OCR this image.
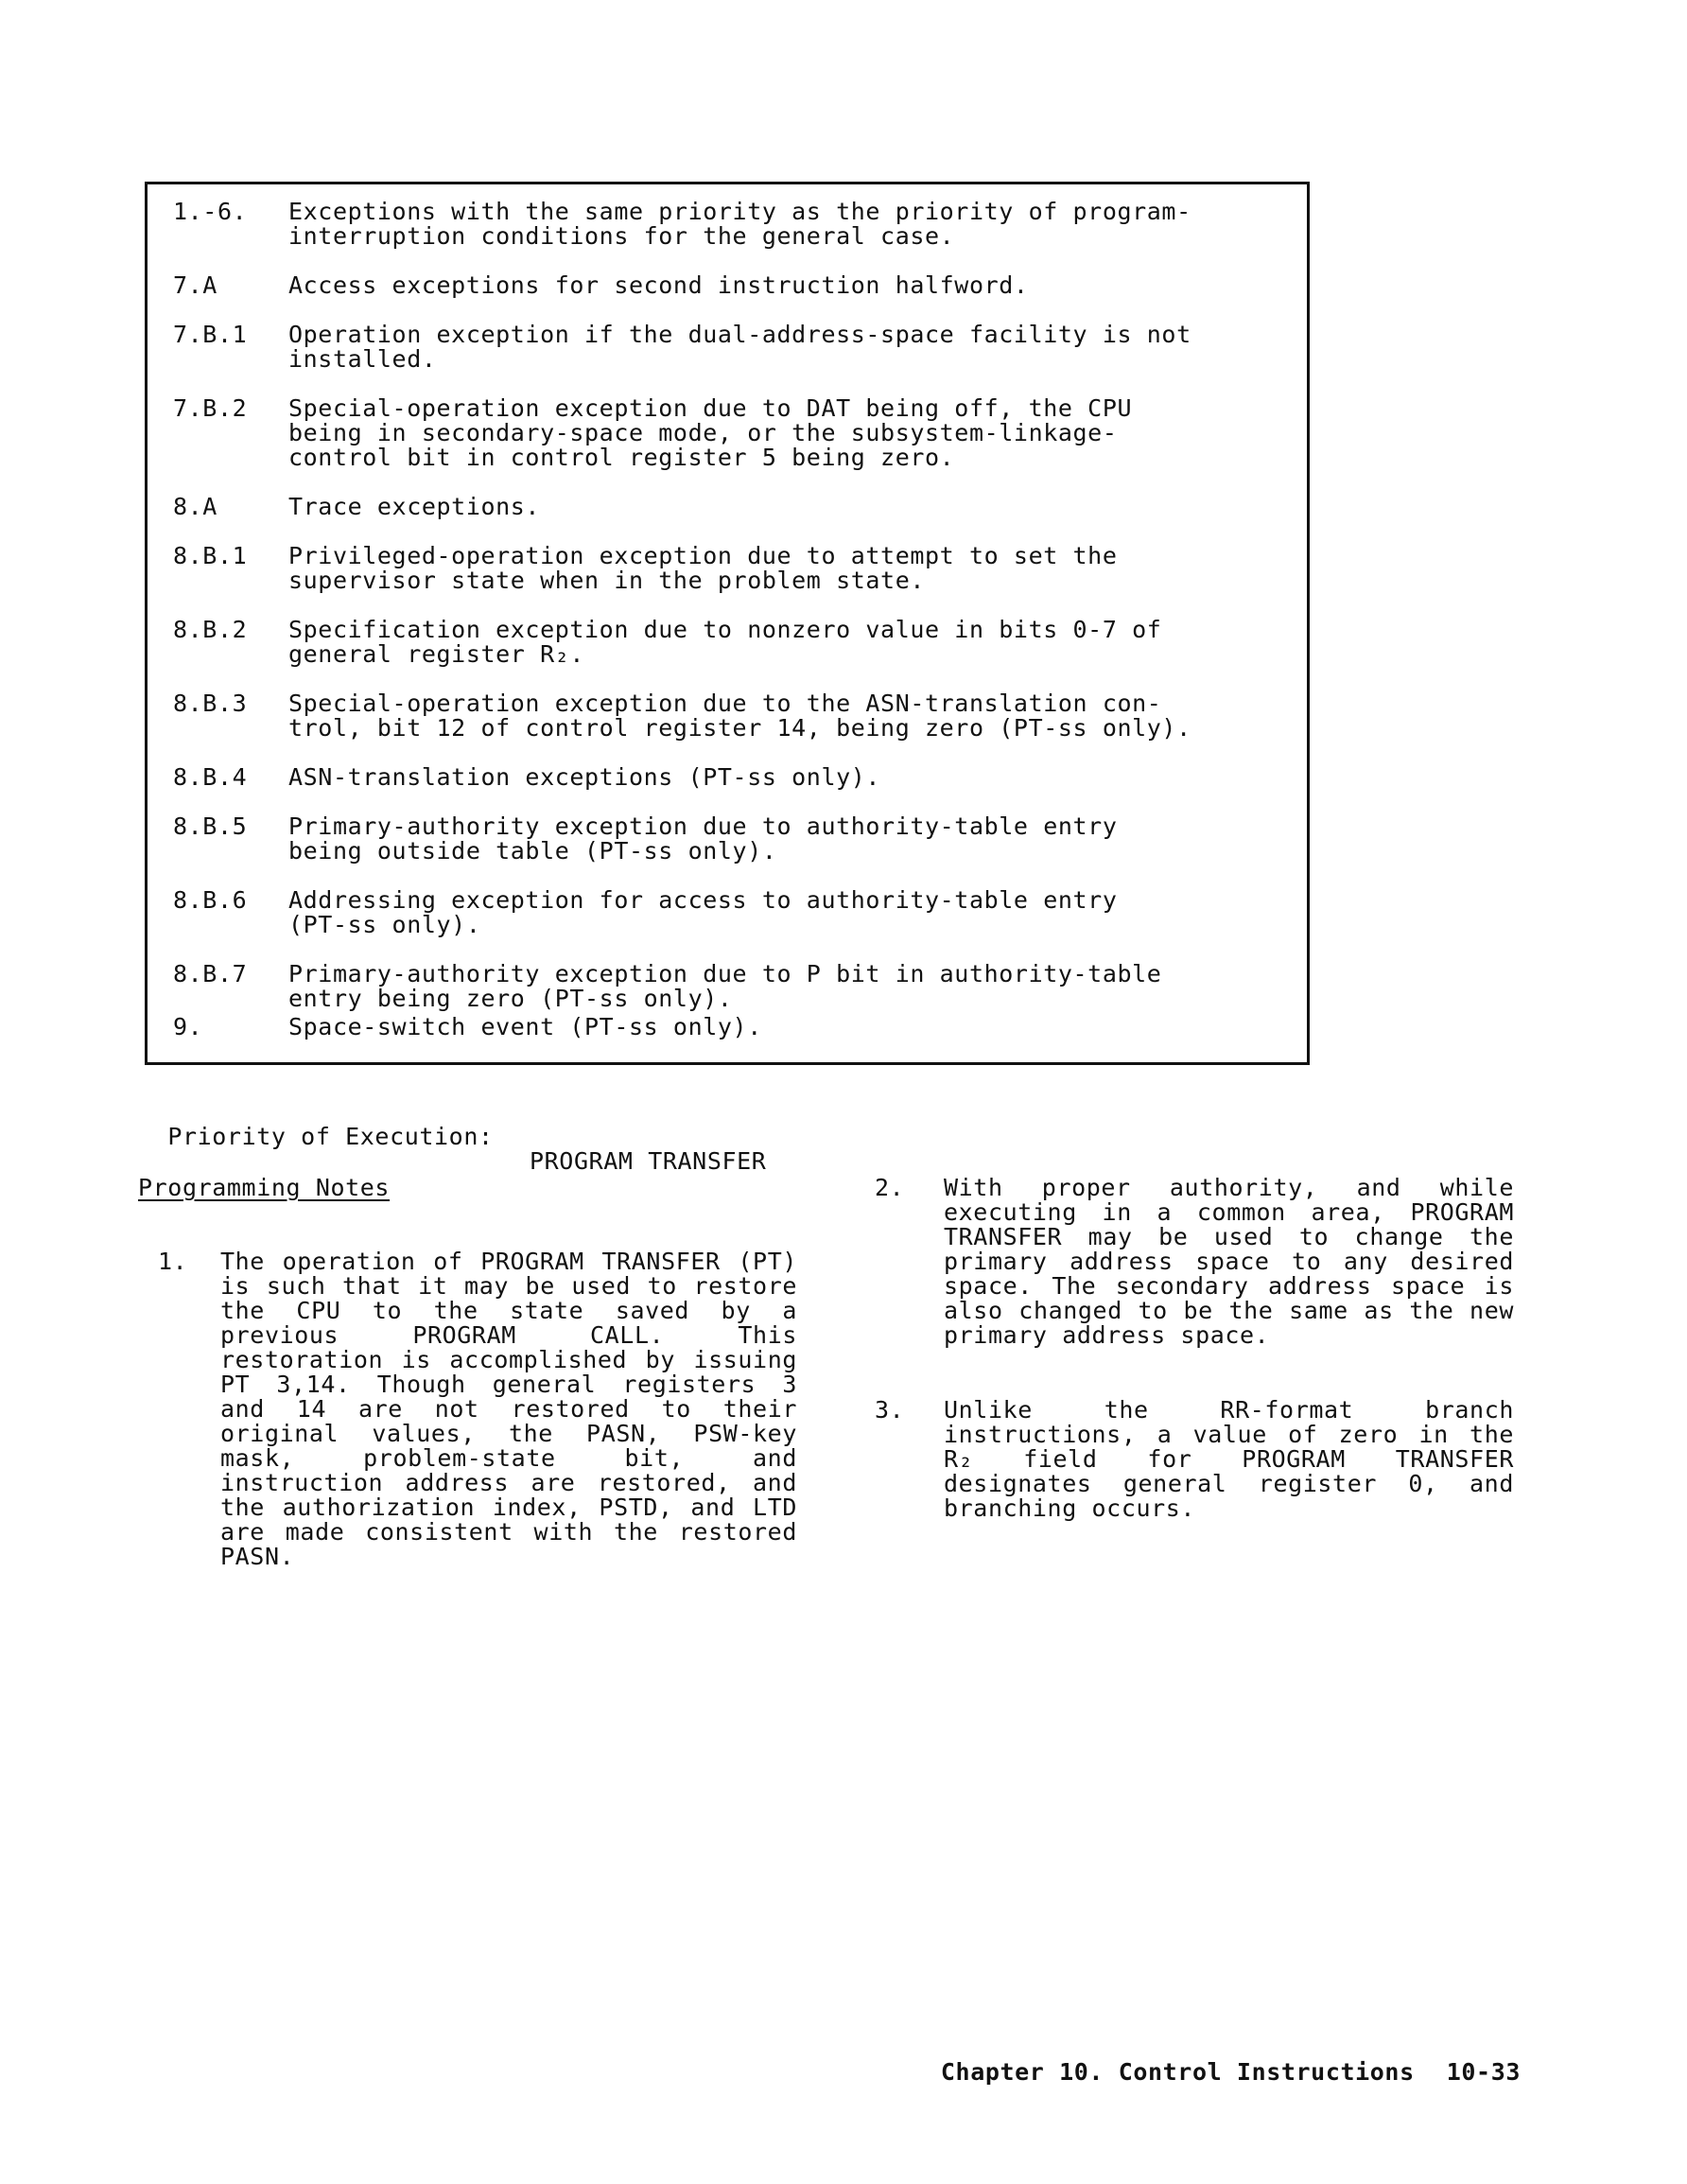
1.-6. Exceptions with the same priority as the priority of program-
interruption conditions for the general case.
7.A	Access exceptions for second instruction halfword.
7.B.1 Operation exception if the dual-address-space facility is not
installed.
7.B.2 Special-operation exception due to DAT being off, the CPU
being in secondary-space mode, or the subsystem-linkage-
control bit in control register 5 being zero.
8.A	Trace exceptions.
8.B.1 Privileged-operation exception due to attempt to set the
supervisor state when in the problem state.
8.B.2 Specification exception due to nonzero value in bits 0-7 of
general register R₂.
8.B.3 Special-operation exception due to the ASN-translation con-
trol, bit 12 of control register 14, being zero (PT-ss only).
8.B.4 ASN-translation exceptions (PT-ss only).
8.B.5 Primary-authority exception due to authority-table entry
being outside table (PT-ss only).
8.B.6 Addressing exception for access to authority-table entry
(PT-ss only).
8.B.7 Primary-authority exception due to P bit in authority-table
entry being zero (PT-ss only).
9.	Space-switch event (PT-ss only).

Priority of Execution:

PROGRAM TRANSFER

Programming Notes
1. The operation of PROGRAM TRANSFER (PT) is such that it may be used to restore the CPU to the state saved by a previous PROGRAM CALL. This restoration is accomplished by issuing PT 3,14. Though general registers 3 and 14 are not restored to their original values, the PASN, PSW-key mask, problem-state bit, and instruction address are restored, and the authorization index, PSTD, and LTD are made consistent with the restored PASN.
2. With proper authority, and while executing in a common area, PROGRAM TRANSFER may be used to change the primary address space to any desired space. The secondary address space is also changed to be the same as the new primary address space.
3. Unlike the RR-format branch instructions, a value of zero in the R₂ field for PROGRAM TRANSFER designates general register 0, and branching occurs.

Chapter 10. Control Instructions 10-33
